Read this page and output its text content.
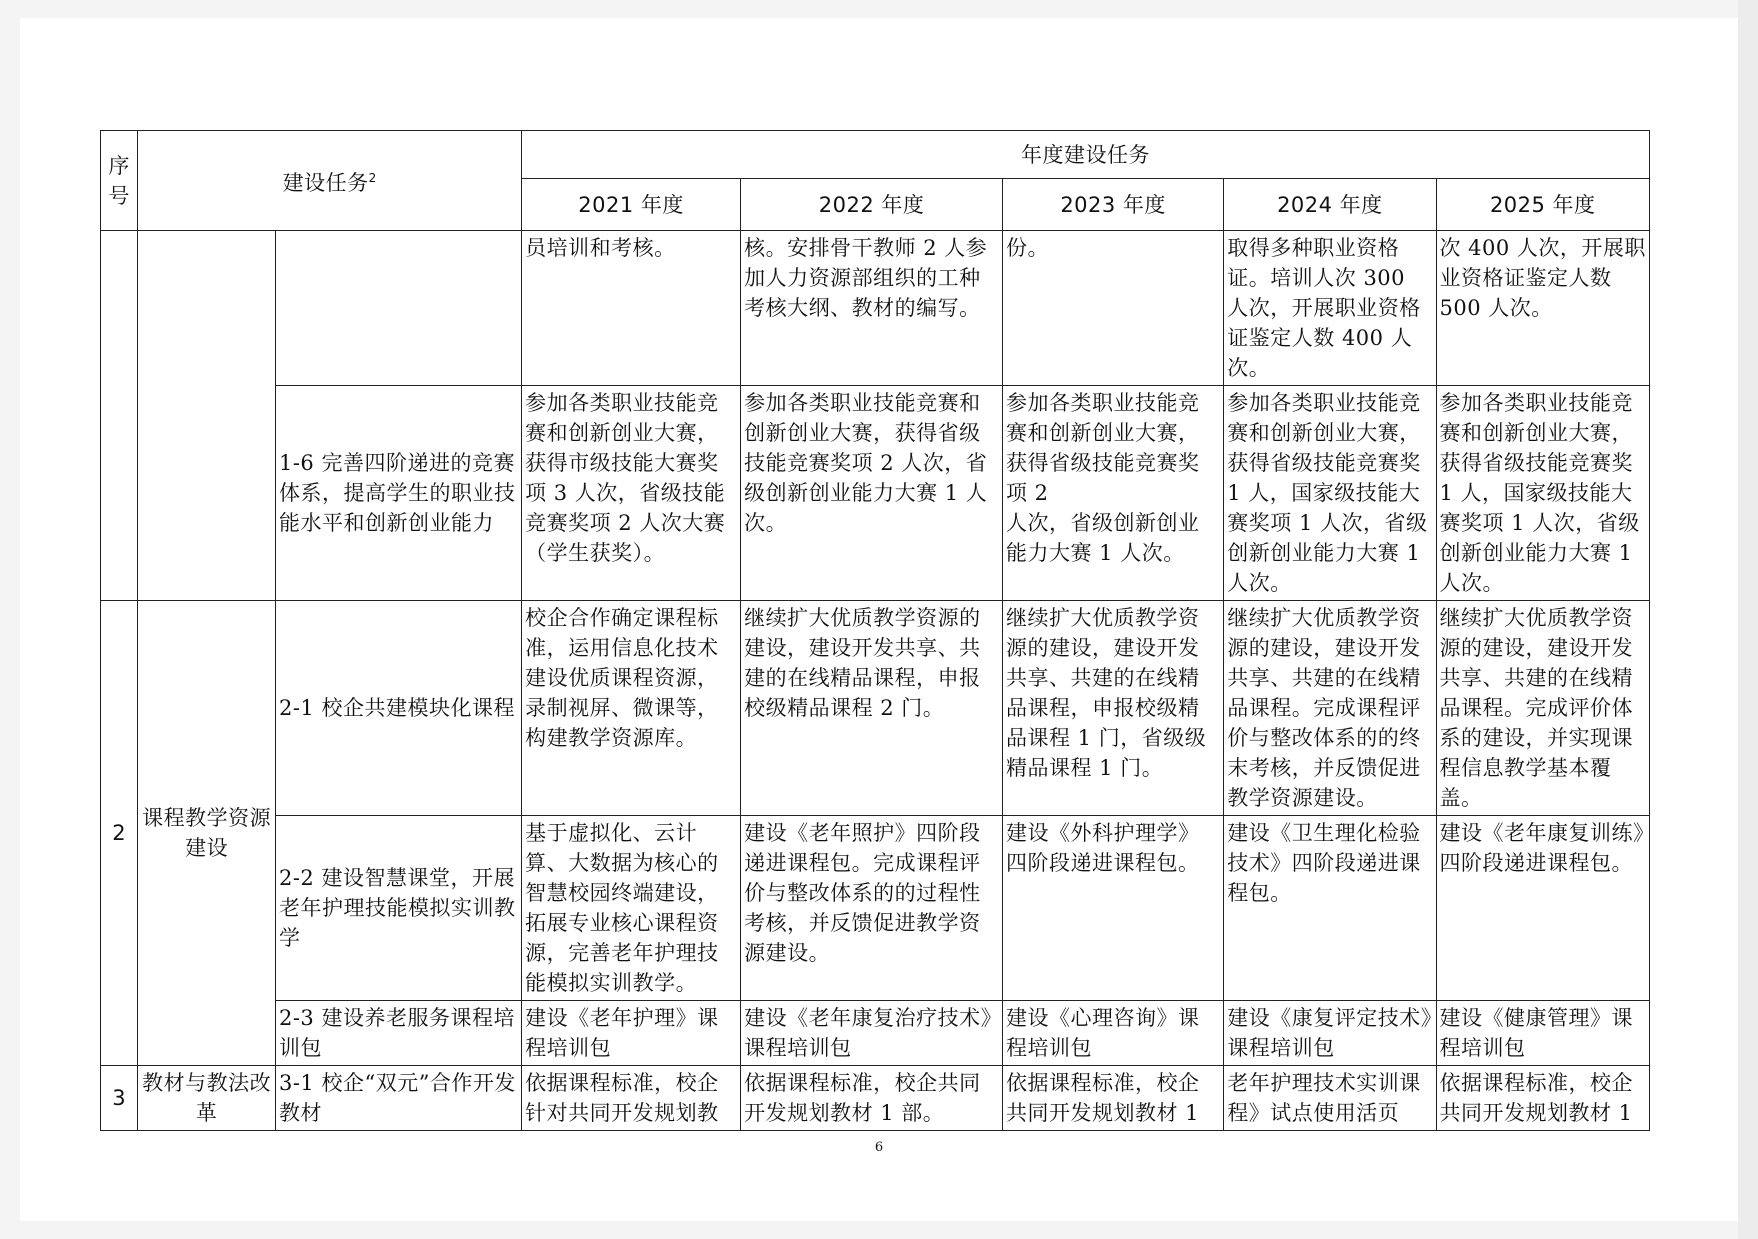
序
号	建设任务$^2$		年度建设任务				
			2021 年度	2022 年度	2023 年度	2024 年度	2025 年度
			员培训和考核。	核。安排骨干教师 2 人参加人力资源部组织的工种考核大纲、教材的编写。	份。	取得多种职业资格证。培训人次 300 人次，开展职业资格证鉴定人数 400 人次。	次 400 人次，开展职业资格证鉴定人数 500 人次。
		1-6 完善四阶递进的竞赛体系，提高学生的职业技能水平和创新创业能力	参加各类职业技能竞赛和创新创业大赛，获得市级技能大赛奖项 3 人次，省级技能竞赛奖项 2 人次大赛（学生获奖）。	参加各类职业技能竞赛和创新创业大赛，获得省级技能竞赛奖项 2 人次，省级创新创业能力大赛 1 人次。	参加各类职业技能竞赛和创新创业大赛，获得省级技能竞赛奖项 2
人次，省级创新创业能力大赛 1 人次。	参加各类职业技能竞赛和创新创业大赛，获得省级技能竞赛奖 1 人，国家级技能大赛奖项 1 人次，省级创新创业能力大赛 1 人次。	参加各类职业技能竞赛和创新创业大赛，获得省级技能竞赛奖 1 人，国家级技能大赛奖项 1 人次，省级创新创业能力大赛 1 人次。
2	课程教学资源建设	2-1 校企共建模块化课程	校企合作确定课程标准，运用信息化技术建设优质课程资源，录制视屏、微课等，构建教学资源库。	继续扩大优质教学资源的建设，建设开发共享、共建的在线精品课程，申报校级精品课程 2 门。	继续扩大优质教学资源的建设，建设开发共享、共建的在线精品课程，申报校级精品课程 1 门，省级级精品课程 1 门。	继续扩大优质教学资源的建设，建设开发共享、共建的在线精品课程。完成课程评价与整改体系的的终末考核，并反馈促进教学资源建设。	继续扩大优质教学资源的建设，建设开发共享、共建的在线精品课程。完成评价体系的建设，并实现课程信息教学基本覆盖。
		2-2 建设智慧课堂，开展老年护理技能模拟实训教学	基于虚拟化、云计算、大数据为核心的智慧校园终端建设，拓展专业核心课程资源，完善老年护理技能模拟实训教学。	建设《老年照护》四阶段递进课程包。完成课程评价与整改体系的的过程性考核，并反馈促进教学资源建设。	建设《外科护理学》四阶段递进课程包。	建设《卫生理化检验技术》四阶段递进课程包。	建设《老年康复训练》四阶段递进课程包。
		2-3 建设养老服务课程培训包	建设《老年护理》课程培训包	建设《老年康复治疗技术》课程培训包	建设《心理咨询》课程培训包	建设《康复评定技术》课程培训包	建设《健康管理》课程培训包
3	教材与教法改革	3-1 校企“双元”合作开发教材	依据课程标准，校企针对共同开发规划教	依据课程标准，校企共同开发规划教材 1 部。	依据课程标准，校企共同开发规划教材 1	老年护理技术实训课程》试点使用活页	依据课程标准，校企共同开发规划教材 1
6
